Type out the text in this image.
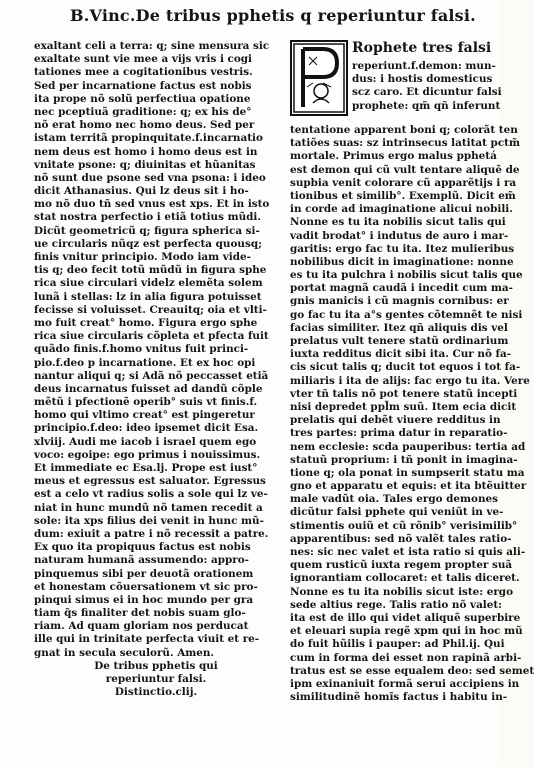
B.Vinc.De tribus pphetis q reperiuntur falsi.
exaltant celi a terra: q; sine mensura sic
exaltate sunt vie mee a vijs vris i cogi
tationes mee a cogitationibus vestris.
Sed per incarnatione factus est nobis
ita prope nõ solũ perfectiua opatione
nec pceptiuã graditione: q; ex his de°
nõ erat homo nec homo deus. Sed per
istam territã propinquitate.f.incarnatio
nem deus est homo i homo deus est in
vnitate psone: q; diuinitas et hũanitas
nõ sunt due psone sed vna psona: i ideo
dicit Athanasius. Qui lz deus sit i ho-
mo nõ duo tñ sed vnus est xps. Et in isto
stat nostra perfectio i etiã totius mũdi.
Dicũt geometricũ q; figura spherica si-
ue circularis nũqz est perfecta quousq;
finis vnitur principio. Modo iam vide-
tis q; deo fecit totũ mũdũ in figura sphe
rica siue circulari videlz elemẽta solem
lunã i stellas: lz in alia figura potuisset
fecisse si voluisset. Creauitq; oia et vlti-
mo fuit creat° homo. Figura ergo sphe
rica siue circularis cõpleta et pfecta fuit
quãdo finis.f.homo vnitus fuit princi-
pio.f.deo p incarnatione. Et ex hoc opi
nantur aliqui q; si Adã nõ peccasset etiã
deus incarnatus fuisset ad dandũ cõple
mẽtũ i pfectionẽ operib° suis vt finis.f.
homo qui vltimo creat° est pingeretur
principio.f.deo: ideo ipsemet dicit Esa.
xlviij. Audi me iacob i israel quem ego
voco: egoipe: ego primus i nouissimus.
Et immediate ec Esa.lj. Prope est iust°
meus et egressus est saluator. Egressus
est a celo vt radius solis a sole qui lz ve-
niat in hunc mundũ nõ tamen recedit a
sole: ita xps filius dei venit in hunc mũ-
dum: exiuit a patre i nõ recessit a patre.
Ex quo ita propiquus factus est nobis
naturam humanã assumendo: appro-
pinquemus sibi per deuotã orationem
et honestam cõuersationem vt sic pro-
pinqui simus ei in hoc mundo per gra
tiam q̃s finaliter det nobis suam glo-
riam. Ad quam gloriam nos perducat
ille qui in trinitate perfecta viuit et re-
gnat in secula seculorũ. Amen.
De tribus pphetis qui
reperiuntur falsi.
Distinctio.clij.
Rophete tres falsi
reperiunt.f.demon: mun-
dus: i hostis domesticus
scz caro. Et dicuntur falsi
prophete: qm̃ qñ inferunt
tentatione apparent boni q; colorãt ten
tatiões suas: sz intrinsecus latitat pctm̃
mortale. Primus ergo malus pphetá
est demon qui cũ vult tentare aliquẽ de
supbia venit colorare cũ apparẽtijs i ra
tionibus et similib°. Exemplũ. Dicit em̃
in corde ad imaginatione alicui nobili.
Nonne es tu ita nobilis sicut talis qui
vadit brodat° i indutus de auro i mar-
garitis: ergo fac tu ita. Itez mulieribus
nobilibus dicit in imaginatione: nonne
es tu ita pulchra i nobilis sicut talis que
portat magnã caudã i incedit cum ma-
gnis manicis i cũ magnis cornibus: er
go fac tu ita a°s gentes cõtemnẽt te nisi
facias similiter. Itez qñ aliquis dis vel
prelatus vult tenere statũ ordinarium
iuxta redditus dicit sibi ita. Cur nõ fa-
cis sicut talis q; ducit tot equos i tot fa-
miliaris i ita de alijs: fac ergo tu ita. Vere
vter tñ talis nõ pot tenere statũ incepti
nisi depredet ppl̃m suũ. Item ecia dicit
prelatis qui debẽt viuere redditus in
tres partes: prima datur in reparatio-
nem ecclesie: scda pauperibus: tertia ad
statuũ proprium: i tñ ponit in imagina-
tione q; ola ponat in sumpserit statu ma
gno et apparatu et equis: et ita btẽuitter
male vadũt oia. Tales ergo demones
dicũtur falsi pphete qui veniũt in ve-
stimentis ouiũ et cũ rõnib° verisimilib°
apparentibus: sed nõ valẽt tales ratio-
nes: sic nec valet et ista ratio si quis ali-
quem rusticũ iuxta regem propter suã
ignorantiam collocaret: et talis diceret.
Nonne es tu ita nobilis sicut iste: ergo
sede altius rege. Talis ratio nõ valet:
ita est de illo qui videt aliquẽ superbire
et eleuari supia regẽ xpm qui in hoc mũ
do fuit hũilis i pauper: ad Phil.ij. Qui
cum in forma dei esset non rapinã arbi-
tratus est se esse equalem deo: sed semet
ipm exinaniuit formã serui accipiens in
similitudinẽ homĩs factus i habitu in-
